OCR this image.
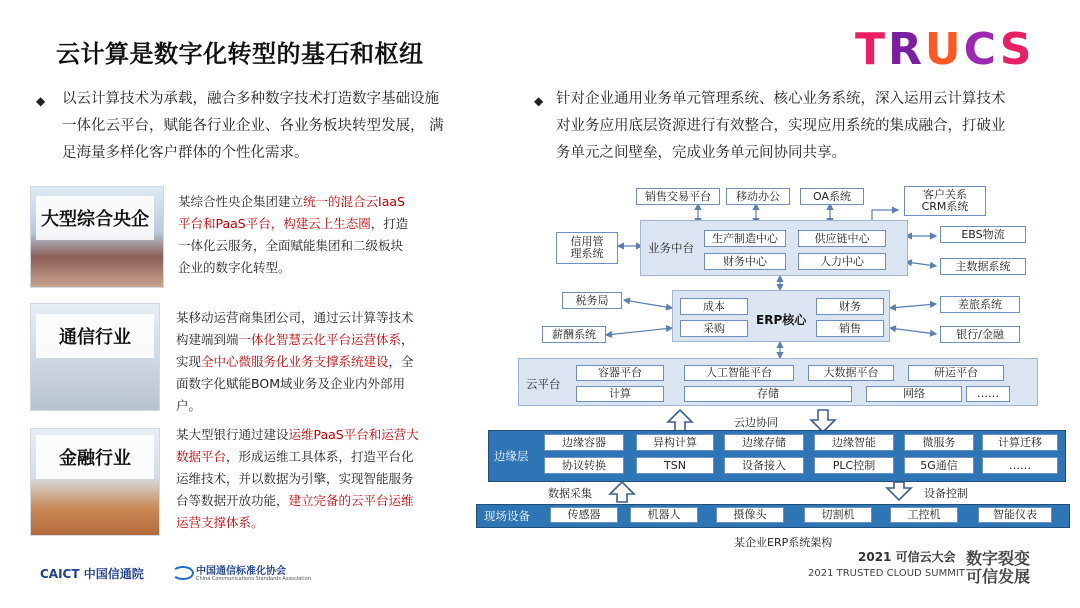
云计算是数字化转型的基石和枢纽	TRUCS
◆ 以云计算技术为承载，融合多种数字技术打造数字基础设施
一体化云平台，赋能各行业企业、各业务板块转型发展， 满
足海量多样化客户群体的个性化需求。
◆ 针对企业通用业务单元管理系统、核心业务系统，深入运用云计算技术
对业务应用底层资源进行有效整合，实现应用系统的集成融合，打破业
务单元之间壁垒，完成业务单元间协同共享。
大型综合央企
某综合性央企集团建立统一的混合云IaaS
平台和PaaS平台，构建云上生态圈，打造
一体化云服务，全面赋能集团和二级板块
企业的数字化转型。
通信行业
某移动运营商集团公司，通过云计算等技术
构建端到端一体化智慧云化平台运营体系，
实现全中心微服务化业务支撑系统建设，全
面数字化赋能BOM域业务及企业内外部用
户。
金融行业
某大型银行通过建设运维PaaS平台和运营大
数据平台，形成运维工具体系，打造平台化
运维技术，并以数据为引擎，实现智能服务
台等数据开放功能，建立完备的云平台运维
运营支撑体系。
销售交易平台	移动办公	OA系统	客户关系
CRM系统
业务中台
生产制造中心	供应链中心
财务中心	人力中心
信用管
理系统
EBS物流
主数据系统
ERP核心
成本	财务
采购	销售
税务局
薪酬系统
差旅系统
银行/金融
云平台
容器平台	人工智能平台	大数据平台	研运平台
计算	存储	网络	……
云边协同
边缘层
边缘容器	异构计算	边缘存储	边缘智能	微服务	计算迁移
协议转换	TSN	设备接入	PLC控制	5G通信	……
数据采集	设备控制
现场设备	传感器	机器人	摄像头	切割机	工控机	智能仪表
某企业ERP系统架构
CAICT 中国信通院	中国通信标准化协会
China Communications Standards Association
2021 可信云大会
2021 TRUSTED CLOUD SUMMIT
数字裂变
可信发展
